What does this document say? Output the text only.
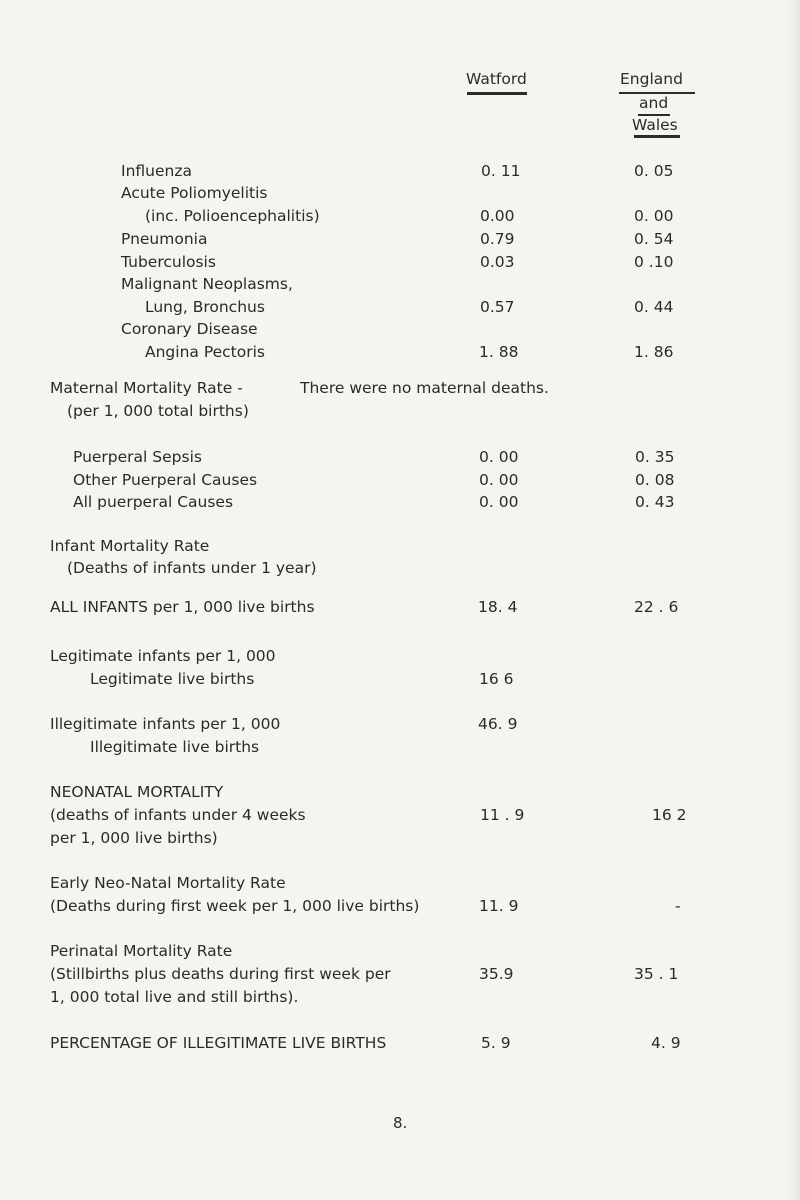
Watford	England
and
Wales
Influenza	0. 11	0. 05
Acute Poliomyelitis
(inc. Polioencephalitis)	0.00	0. 00
Pneumonia	0.79	0. 54
Tuberculosis	0.03	0 .10
Malignant Neoplasms,
Lung, Bronchus	0.57	0. 44
Coronary Disease
Angina Pectoris	1. 88	1. 86
Maternal Mortality Rate -	There were no maternal deaths.
(per 1, 000 total births)
Puerperal Sepsis	0. 00	0. 35
Other Puerperal Causes	0. 00	0. 08
All puerperal Causes	0. 00	0. 43
Infant Mortality Rate
(Deaths of infants under 1 year)
ALL INFANTS per 1, 000 live births	18. 4	22 . 6
Legitimate infants per 1, 000
Legitimate live births	16 6
Illegitimate infants per 1, 000	46. 9
Illegitimate live births
NEONATAL MORTALITY
(deaths of infants under 4 weeks	11 . 9	16 2
per 1, 000 live births)
Early Neo-Natal Mortality Rate
(Deaths during first week per 1, 000 live births)	11. 9	-
Perinatal Mortality Rate
(Stillbirths plus deaths during first week per	35.9	35 . 1
1, 000 total live and still births).
PERCENTAGE OF ILLEGITIMATE LIVE BIRTHS	5. 9	4. 9
8.
